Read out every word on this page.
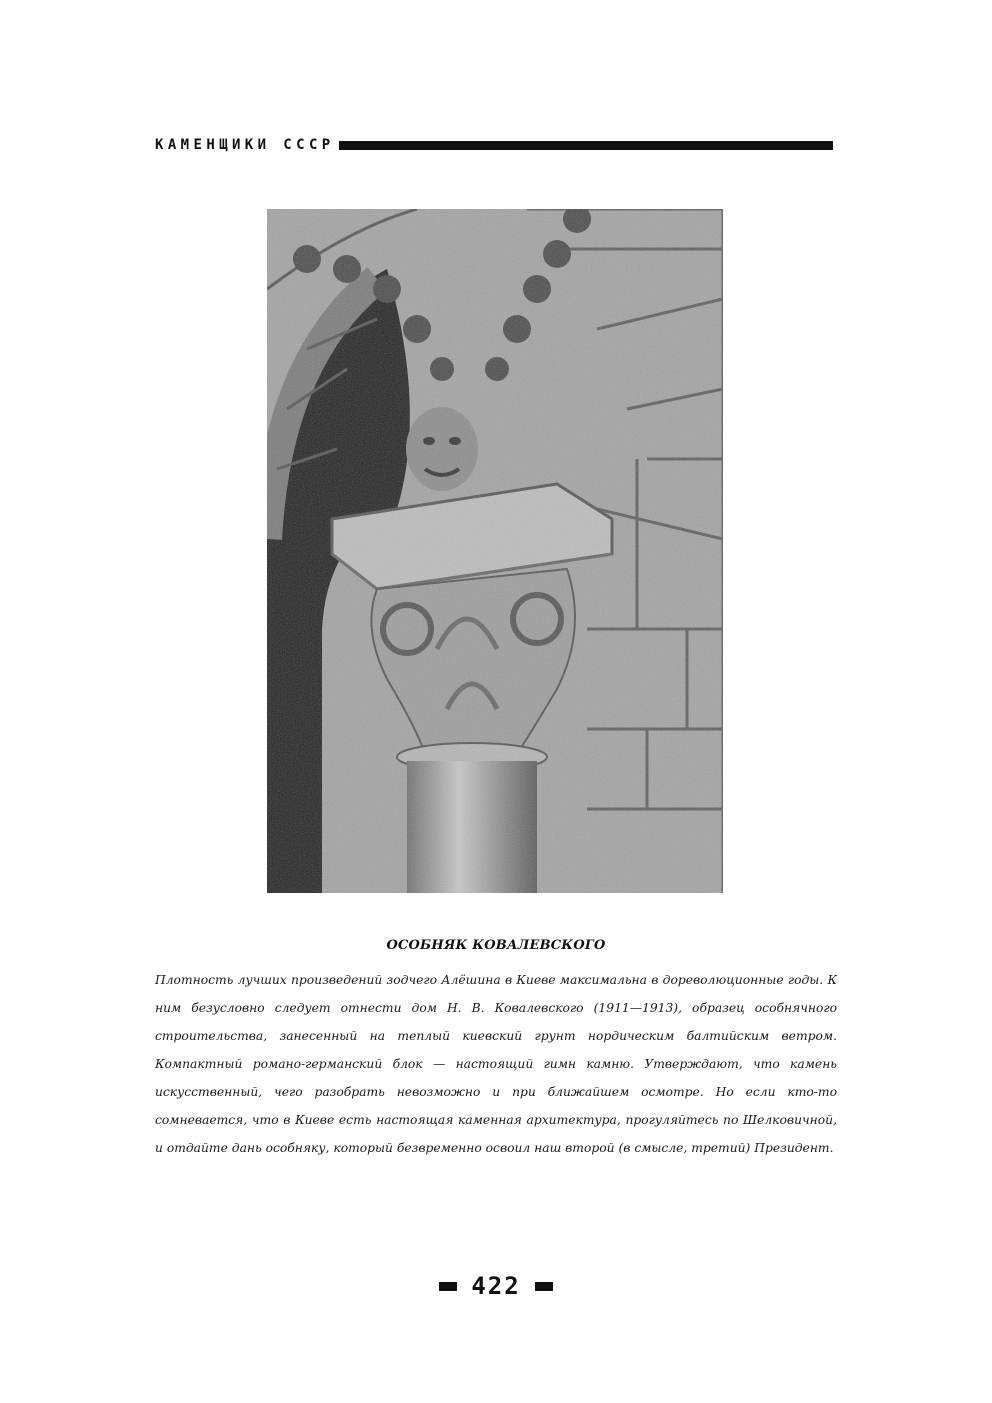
КАМЕНЩИКИ СССР
ОСОБНЯК КОВАЛЕВСКОГО
Плотность лучших произведений зодчего Алёшина в Киеве максимальна в дореволюционные годы. К ним безусловно следует отнести дом Н. В. Ковалевского (1911—1913), образец особнячного строительства, занесенный на теплый киевский грунт нордическим балтийским ветром. Компактный романо-германский блок — настоящий гимн камню. Утверждают, что камень искусственный, чего разобрать невозможно и при ближайшем осмотре. Но если кто-то сомневается, что в Киеве есть настоящая каменная архитектура, прогуляйтесь по Шелковичной, и отдайте дань особняку, который безвременно освоил наш второй (в смысле, третий) Президент.
422
